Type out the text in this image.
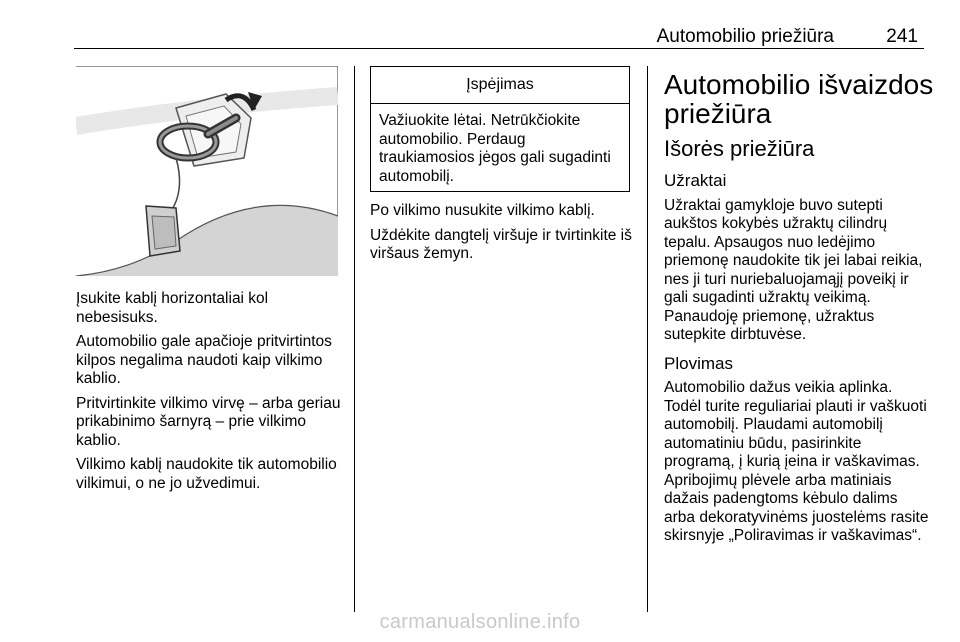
Automobilio priežiūra	241

Įsukite kablį horizontaliai kol nebesisuks.

Automobilio gale apačioje pritvirtintos kilpos negalima naudoti kaip vilkimo kablio.

Pritvirtinkite vilkimo virvę – arba geriau prikabinimo šarnyrą – prie vilkimo kablio.

Vilkimo kablį naudokite tik automobilio vilkimui, o ne jo užvedimui.

Įspėjimas
Važiuokite lėtai. Netrūkčiokite automobilio. Perdaug traukiamosios jėgos gali sugadinti automobilį.

Po vilkimo nusukite vilkimo kablį.

Uždėkite dangtelį viršuje ir tvirtinkite iš viršaus žemyn.

Automobilio išvaizdos priežiūra
Išorės priežiūra

Užraktai

Užraktai gamykloje buvo sutepti aukštos kokybės užraktų cilindrų tepalu. Apsaugos nuo ledėjimo priemonę naudokite tik jei labai reikia, nes ji turi nuriebaluojamąjį poveikį ir gali sugadinti užraktų veikimą. Panaudoję priemonę, užraktus sutepkite dirbtuvėse.

Plovimas

Automobilio dažus veikia aplinka. Todėl turite reguliariai plauti ir vaškuoti automobilį. Plaudami automobilį automatiniu būdu, pasirinkite programą, į kurią įeina ir vaškavimas. Apribojimų plėvele arba matiniais dažais padengtoms kėbulo dalims arba dekoratyvinėms juostelėms rasite skirsnyje „Poliravimas ir vaškavimas“.

carmanualsonline.info
